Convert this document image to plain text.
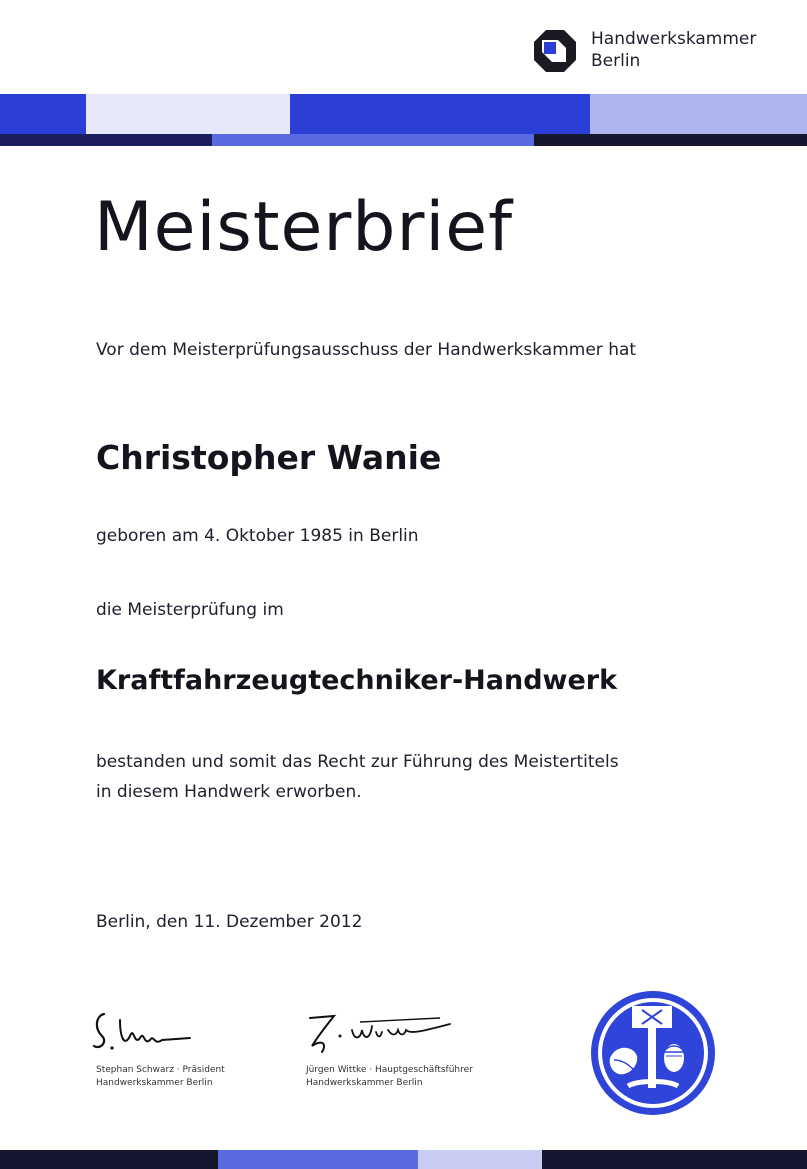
Handwerkskammer
Berlin
Meisterbrief
Vor dem Meisterprüfungsausschuss der Handwerkskammer hat
Christopher Wanie
geboren am 4. Oktober 1985 in Berlin
die Meisterprüfung im
Kraftfahrzeugtechniker-Handwerk
bestanden und somit das Recht zur Führung des Meistertitels
in diesem Handwerk erworben.
Berlin, den 11. Dezember 2012
Stephan Schwarz · Präsident
Handwerkskammer Berlin
Jürgen Wittke · Hauptgeschäftsführer
Handwerkskammer Berlin
